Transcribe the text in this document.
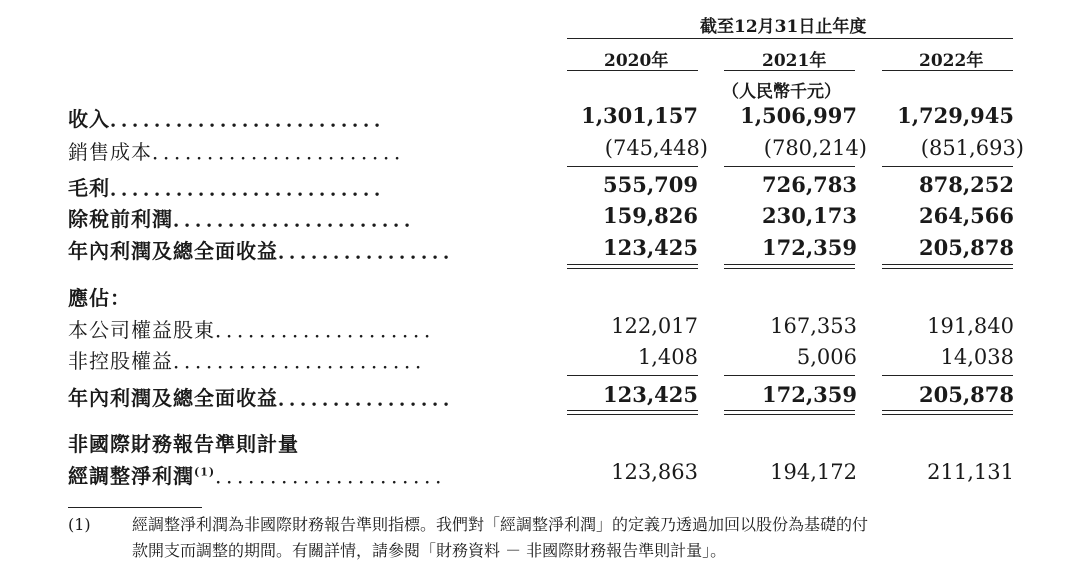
截至12月31日止年度
2020年	2021年	2022年
（人民幣千元）
收入．．．．．．．．．．．．．．．．．．．．．．．．．	1,301,157	1,506,997	1,729,945
銷售成本．．．．．．．．．．．．．．．．．．．．．．．	(745,448)	(780,214)	(851,693)
毛利．．．．．．．．．．．．．．．．．．．．．．．．．	555,709	726,783	878,252
除稅前利潤．．．．．．．．．．．．．．．．．．．．．．	159,826	230,173	264,566
年內利潤及總全面收益．．．．．．．．．．．．．．．．	123,425	172,359	205,878
應佔：
本公司權益股東．．．．．．．．．．．．．．．．．．．．	122,017	167,353	191,840
非控股權益．．．．．．．．．．．．．．．．．．．．．．．	1,408	5,006	14,038
年內利潤及總全面收益．．．．．．．．．．．．．．．．	123,425	172,359	205,878
非國際財務報告準則計量
經調整淨利潤$^{(1)}$．．．．．．．．．．．．．．．．．．．．．	123,863	194,172	211,131
(1)	經調整淨利潤為非國際財務報告準則指標。我們對「經調整淨利潤」的定義乃透過加回以股份為基礎的付
款開支而調整的期間。有關詳情，請參閱「財務資料 － 非國際財務報告準則計量」。
